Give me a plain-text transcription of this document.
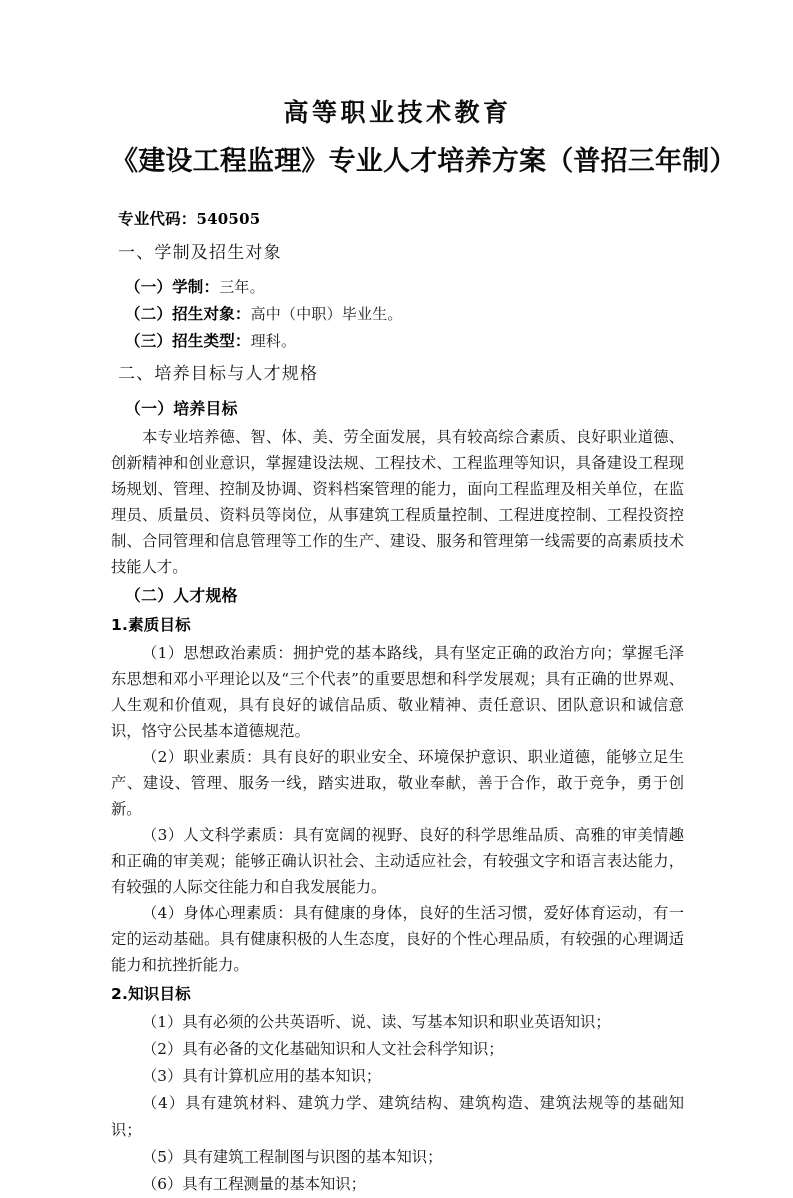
高等职业技术教育
《建设工程监理》专业人才培养方案（普招三年制）

专业代码：540505

一、学制及招生对象

（一）学制：三年。

（二）招生对象：高中（中职）毕业生。

（三）招生类型：理科。

二、培养目标与人才规格
（一）培养目标

本专业培养德、智、体、美、劳全面发展，具有较高综合素质、良好职业道德、创新精神和创业意识，掌握建设法规、工程技术、工程监理等知识，具备建设工程现场规划、管理、控制及协调、资料档案管理的能力，面向工程监理及相关单位，在监理员、质量员、资料员等岗位，从事建筑工程质量控制、工程进度控制、工程投资控制、合同管理和信息管理等工作的生产、建设、服务和管理第一线需要的高素质技术技能人才。

（二）人才规格
1.素质目标

（1）思想政治素质：拥护党的基本路线，具有坚定正确的政治方向；掌握毛泽东思想和邓小平理论以及“三个代表”的重要思想和科学发展观；具有正确的世界观、人生观和价值观，具有良好的诚信品质、敬业精神、责任意识、团队意识和诚信意识，恪守公民基本道德规范。

（2）职业素质：具有良好的职业安全、环境保护意识、职业道德，能够立足生产、建设、管理、服务一线，踏实进取，敬业奉献，善于合作，敢于竞争，勇于创新。

（3）人文科学素质：具有宽阔的视野、良好的科学思维品质、高雅的审美情趣和正确的审美观；能够正确认识社会、主动适应社会，有较强文字和语言表达能力，有较强的人际交往能力和自我发展能力。

（4）身体心理素质：具有健康的身体，良好的生活习惯，爱好体育运动，有一定的运动基础。具有健康积极的人生态度，良好的个性心理品质，有较强的心理调适能力和抗挫折能力。

2.知识目标

（1）具有必须的公共英语听、说、读、写基本知识和职业英语知识；

（2）具有必备的文化基础知识和人文社会科学知识；

（3）具有计算机应用的基本知识；

（4）具有建筑材料、建筑力学、建筑结构、建筑构造、建筑法规等的基础知识；

（5）具有建筑工程制图与识图的基本知识；

（6）具有工程测量的基本知识；
